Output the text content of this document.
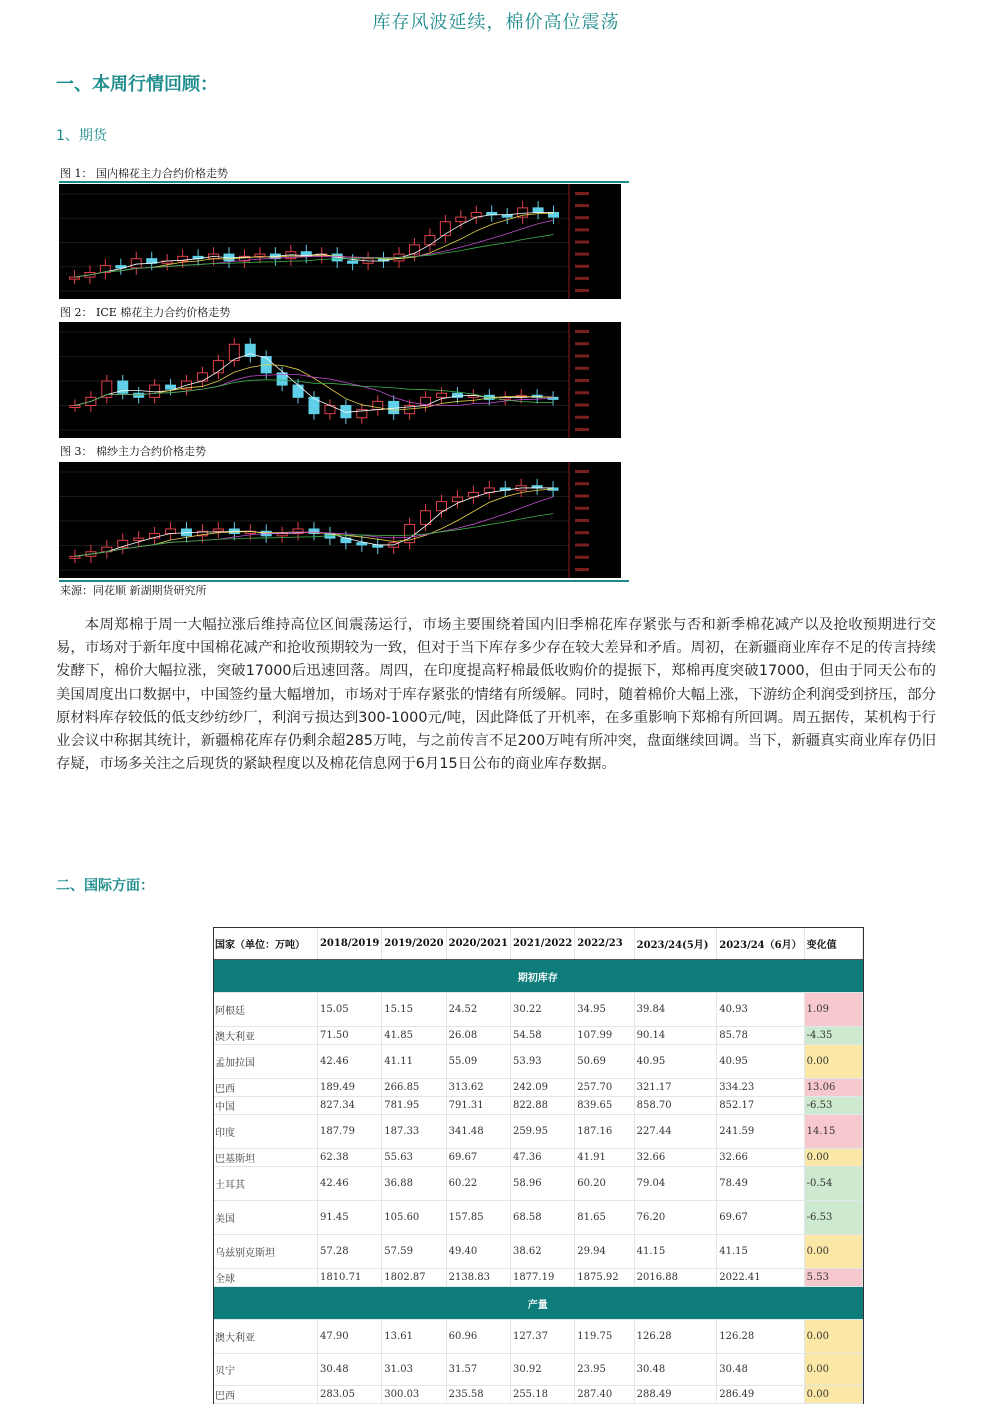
库存风波延续，棉价高位震荡
一、本周行情回顾：
1、期货
图 1： 国内棉花主力合约价格走势
图 2： ICE 棉花主力合约价格走势
图 3： 棉纱主力合约价格走势
来源：同花顺 新湖期货研究所
本周郑棉于周一大幅拉涨后维持高位区间震荡运行，市场主要围绕着国内旧季棉花库存紧张与否和新季棉花减产以及抢收预期进行交易，市场对于新年度中国棉花减产和抢收预期较为一致，但对于当下库存多少存在较大差异和矛盾。周初，在新疆商业库存不足的传言持续发酵下，棉价大幅拉涨，突破17000后迅速回落。周四，在印度提高籽棉最低收购价的提振下，郑棉再度突破17000，但由于同天公布的美国周度出口数据中，中国签约量大幅增加，市场对于库存紧张的情绪有所缓解。同时，随着棉价大幅上涨，下游纺企利润受到挤压，部分原材料库存较低的低支纱纺纱厂，利润亏损达到300-1000元/吨，因此降低了开机率，在多重影响下郑棉有所回调。周五据传，某机构于行业会议中称据其统计，新疆棉花库存仍剩余超285万吨，与之前传言不足200万吨有所冲突，盘面继续回调。当下，新疆真实商业库存仍旧存疑，市场多关注之后现货的紧缺程度以及棉花信息网于6月15日公布的商业库存数据。
二、国际方面：
国家（单位：万吨）	2018/2019	2019/2020	2020/2021	2021/2022	2022/23	2023/24(5月)	2023/24（6月）	变化值
期初库存								
阿根廷	15.05	15.15	24.52	30.22	34.95	39.84	40.93	1.09
澳大利亚	71.50	41.85	26.08	54.58	107.99	90.14	85.78	-4.35
孟加拉国	42.46	41.11	55.09	53.93	50.69	40.95	40.95	0.00
巴西	189.49	266.85	313.62	242.09	257.70	321.17	334.23	13.06
中国	827.34	781.95	791.31	822.88	839.65	858.70	852.17	-6.53
印度	187.79	187.33	341.48	259.95	187.16	227.44	241.59	14.15
巴基斯坦	62.38	55.63	69.67	47.36	41.91	32.66	32.66	0.00
土耳其	42.46	36.88	60.22	58.96	60.20	79.04	78.49	-0.54
美国	91.45	105.60	157.85	68.58	81.65	76.20	69.67	-6.53
乌兹别克斯坦	57.28	57.59	49.40	38.62	29.94	41.15	41.15	0.00
全球	1810.71	1802.87	2138.83	1877.19	1875.92	2016.88	2022.41	5.53
产量								
澳大利亚	47.90	13.61	60.96	127.37	119.75	126.28	126.28	0.00
贝宁	30.48	31.03	31.57	30.92	23.95	30.48	30.48	0.00
巴西	283.05	300.03	235.58	255.18	287.40	288.49	286.49	0.00
